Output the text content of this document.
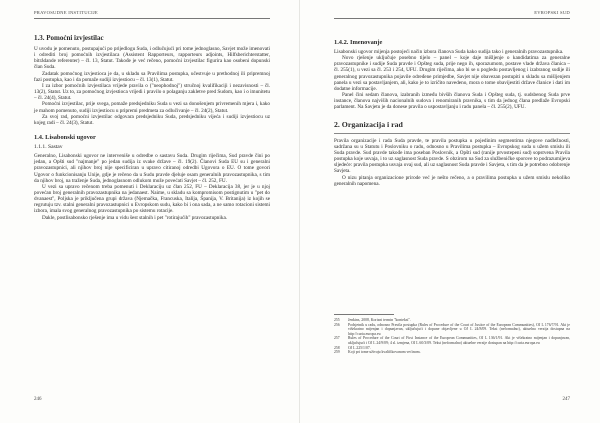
PRAVOSUDNE INSTITUCIJE
1.3. Pomoćni izvjestilac

U uvodu je pomenuto, postupajući po prijedlogu Suda, i odlučujući pri tome jednoglasno, Savjet može imenovati i odrediti broj pomoćnih izvjestilaca (Assistent Rapporteurs, rapporteurs adjoints, Hilfsberichterstatter, bitrådande referenter) – čl. 13, Statut. Takođe je već rečeno, pomoćni izvjestilac figurira kao osobeni dopunski član Suda.

Zadatak pomoćnog izvjestioca je da, u skladu sa Pravilima postupka, učestvuje u prethodnoj ili pripremnoj fazi postupka, kao i da pomaže sudiji izvjestiocu – čl. 13(1), Statut.

I za izbor pomoćnih izvjestilaca vrijede pravila o ("neophodnoj") stručnoj kvalifikaciji i nezavisnosti – čl. 13(2), Statut. Uz to, za pomoćnog izvjestioca vrijedi i pravilo o polaganju zakletve pred Sudom, kao i o imunitetu – čl. 24(4), Statut.

Pomoćni izvjestilac, prije svega, pomaže predsjedniku Suda u vezi sa donošenjem privremenih mjera i, kako je mahom pomenuto, sudiji izvjestiocu u pripremi predmeta za odlučivanje – čl. 24(2), Statut.

Za svoj rad, pomoćni izvjestilac odgovara predsjedniku Suda, predsjedniku vijeća i sudiji izvjestiocu uz kojeg radi – čl. 24(3), Statut.

1.4. Lisabonski ugovor
1.1.1. Sastav

Generalno, Lisabonski ugovor ne interveniše u odredbe o sastavu Suda. Drugim riječima, Sud pravde čini po jedan, a Opšti sud "najmanje" po jedan sudija iz svake države – čl. 19(2). Članovi Suda EU su i generalni pravozastupnici, ali njihov broj nije specificiran u upravo citiranoj odredbi Ugovora o EU. O tome govori Ugovor o funkcionisanju Unije, gdje je rečeno da u Sudu pravde djeluje osam generalnih pravozastupnika, s tim da njihov broj, na traženje Suda, jednoglasnom odlukom može povećati Savjet – čl. 252, FU.

U vezi sa upravo rečenom treba pomenuti i Deklaraciju uz član 252, FU – Deklaracija 38, jer je u njoj povećan broj generalnih pravozastupnika na jedanaest. Naime, u skladu sa kompromisom postignutim u "pet do dvanaest", Poljska je priključena grupi država (Njemačka, Francuska, Italija, Španija, V. Britanija) iz kojih se regrutuju tzv. stalni generalni pravozastupnici u Evropskom sudu, kako bi i ona sada, a ne samo rotacioni sistemi izbora, imala svog generalnog pravozastupnika po sistemu rotacije.

Dakle, postlisabonsko rješenje ima u vidu šest stalnih i pet "rotirajućih" pravozastupnika.

246
EVROPSKI SUD
1.4.2. Imenovanje

Lisabonski ugovor mijenja postojeći način izbora članova Suda kako sudija tako i generalnih pravozastupnika.

Novo rješenje uključuje posebno tijelo – panel – koje daje mišljenje o kandidatima za generalne pravozastupnike i sudije Suda pravde i Opšteg suda, prije nego ih, sporazumom, postave vlade država članica – čl. 255(1), u vezi sa čl. 253 i 254, UFU. Drugim riječima, ako bi se u pogledu postavljenog i izabranog sudije ili generalnog pravozastupnika pojavile određene primjedbe, Savjet nije obavezan postupiti u skladu sa mišljenjem panela u vezi sa postavljanjem, ali, kako je to izričito navedeno, mora o tome obavijestiti države članice i dati im dodatne informacije.

Panel čini sedam članova, izabranih između bivših članova Suda i Opšteg suda, tj. sudsbenog Suda prve instance, članova najviših nacionalnih sudova i renomiranih pravnika, s tim da jednog člana predlaže Evropski parlament. Na Savjetu je da donese pravila o uspostavljanju i radu panela – čl. 255(2), UFU.

2. Organizacija i rad

Pravila organizacije i rada Suda pravde, te pravila postupka u pojedinim segmentima njegove nadležnosti, sadržana su u Statutu i Poslovniku o radu, odnosno u Pravilima postupka – Evropskog suda u užem smislu ili Suda pravde. Sud pravde takođe ima poseban Poslovnik, a Opšti sud (ranije prvostepeni sud) sopstvena Pravila postupka koje usvaja, i to uz saglasnost Suda pravde. S obzirom na Sud za službeničke sporove to podrazumijeva sljedeće: pravila postupka usvaja ovaj sud, ali uz saglasnost Suda pravde i Savjeta, s tim da je potrebno odobrenje Savjeta.

O nizu pitanja organizacione prirode već je nešto rečeno, a o pravilima postupka u užem smislu nekoliko generalnih napomena.

255	Jenkins, 2008, Korisni termin "kontekst".
256	Podsjetnik u radu, odnosno Pravila postupka (Rules of Procedure of the Court of Justice of the European Communities), OJ L 176/7/91. Akt je višekratno mijenjan i dopunjavan, uključujući i dopune objavljene u OJ L 24/8/09. Tekst (neformalno), aktuelna verzija dostupna na http://curia.europa.eu
257	Rules of Procedure of the Court of First Instance of the European Communities, OJ L 136/1/91. Akt je višekratno mijenjan i dopunjavan, uključujući i OJ L 24/9/09; 4 sl. izmjena, OJ L 60/3/09. Tekst (neformalno) aktuelne verzije dostupan na http://curia.europa.eu
258	OJ L 225/1/07.
259	Koji pri tome uživaju kvalifikovanom većinom.
247
